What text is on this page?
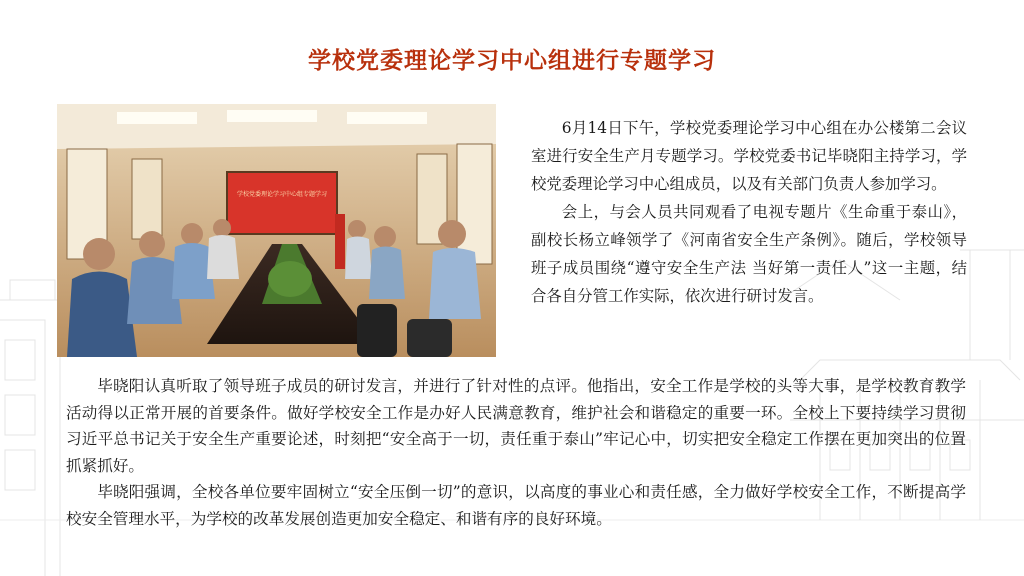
学校党委理论学习中心组进行专题学习
学校党委理论学习中心组专题学习

6月14日下午，学校党委理论学习中心组在办公楼第二会议室进行安全生产月专题学习。学校党委书记毕晓阳主持学习，学校党委理论学习中心组成员，以及有关部门负责人参加学习。

会上，与会人员共同观看了电视专题片《生命重于泰山》，副校长杨立峰领学了《河南省安全生产条例》。随后，学校领导班子成员围绕“遵守安全生产法 当好第一责任人”这一主题，结合各自分管工作实际，依次进行研讨发言。

毕晓阳认真听取了领导班子成员的研讨发言，并进行了针对性的点评。他指出，安全工作是学校的头等大事，是学校教育教学活动得以正常开展的首要条件。做好学校安全工作是办好人民满意教育，维护社会和谐稳定的重要一环。全校上下要持续学习贯彻习近平总书记关于安全生产重要论述，时刻把“安全高于一切，责任重于泰山”牢记心中，切实把安全稳定工作摆在更加突出的位置抓紧抓好。

毕晓阳强调，全校各单位要牢固树立“安全压倒一切”的意识，以高度的事业心和责任感，全力做好学校安全工作，不断提高学校安全管理水平，为学校的改革发展创造更加安全稳定、和谐有序的良好环境。
